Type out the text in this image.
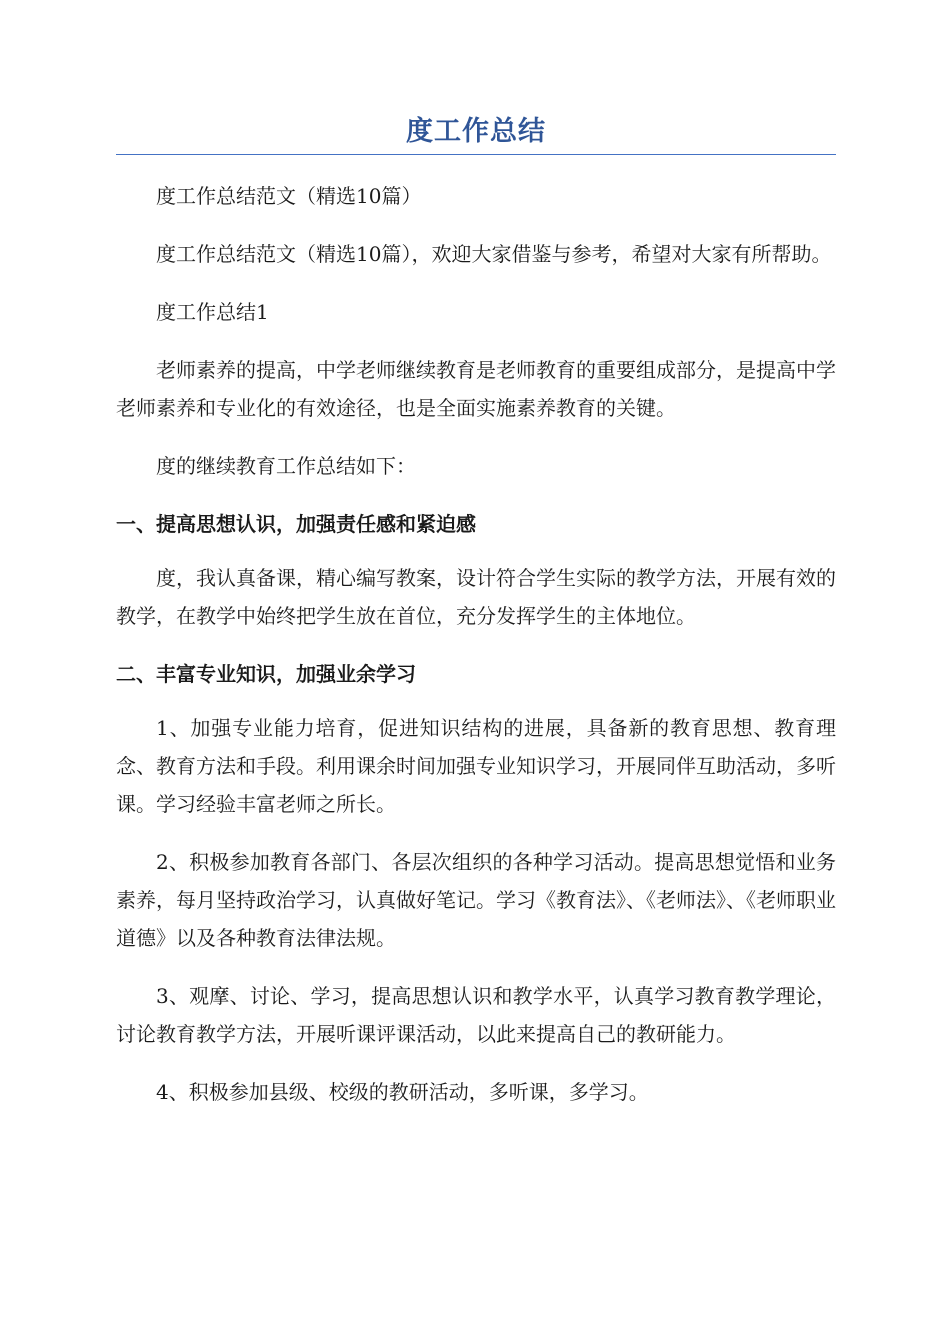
度工作总结

度工作总结范文（精选10篇）

度工作总结范文（精选10篇），欢迎大家借鉴与参考，希望对大家有所帮助。

度工作总结1

老师素养的提高，中学老师继续教育是老师教育的重要组成部分，是提高中学老师素养和专业化的有效途径，也是全面实施素养教育的关键。

度的继续教育工作总结如下：

一、提高思想认识，加强责任感和紧迫感

度，我认真备课，精心编写教案，设计符合学生实际的教学方法，开展有效的教学，在教学中始终把学生放在首位，充分发挥学生的主体地位。

二、丰富专业知识，加强业余学习

1、加强专业能力培育，促进知识结构的进展，具备新的教育思想、教育理念、教育方法和手段。利用课余时间加强专业知识学习，开展同伴互助活动，多听课。学习经验丰富老师之所长。

2、积极参加教育各部门、各层次组织的各种学习活动。提高思想觉悟和业务素养，每月坚持政治学习，认真做好笔记。学习《教育法》、《老师法》、《老师职业道德》以及各种教育法律法规。

3、观摩、讨论、学习，提高思想认识和教学水平，认真学习教育教学理论，讨论教育教学方法，开展听课评课活动，以此来提高自己的教研能力。

4、积极参加县级、校级的教研活动，多听课，多学习。
